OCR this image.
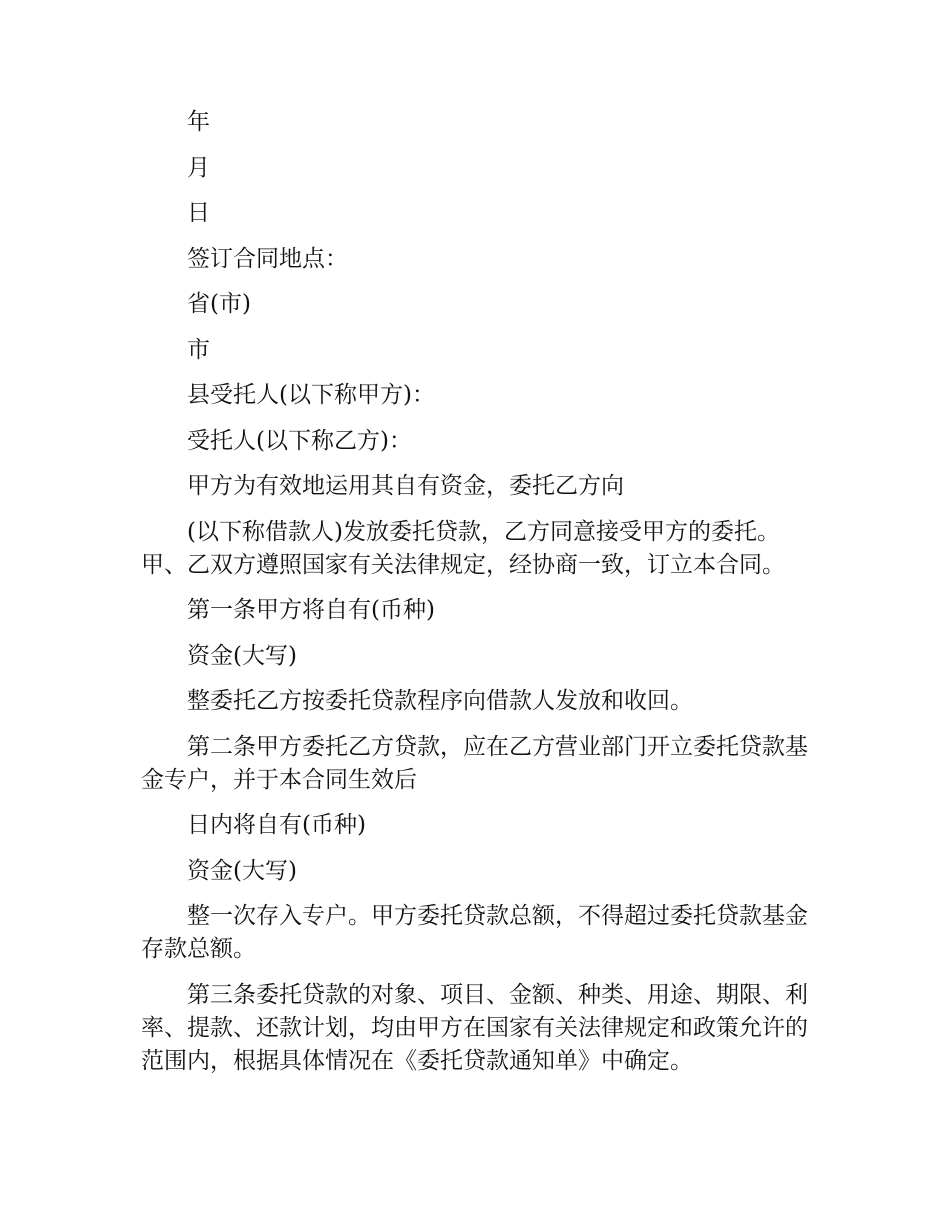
年

月

日

签订合同地点：

省(市)

市

县受托人(以下称甲方)：

受托人(以下称乙方)：

甲方为有效地运用其自有资金，委托乙方向

(以下称借款人)发放委托贷款，乙方同意接受甲方的委托。甲、乙双方遵照国家有关法律规定，经协商一致，订立本合同。

第一条甲方将自有(币种)

资金(大写)

整委托乙方按委托贷款程序向借款人发放和收回。

第二条甲方委托乙方贷款，应在乙方营业部门开立委托贷款基金专户，并于本合同生效后

日内将自有(币种)

资金(大写)

整一次存入专户。甲方委托贷款总额，不得超过委托贷款基金存款总额。

第三条委托贷款的对象、项目、金额、种类、用途、期限、利率、提款、还款计划，均由甲方在国家有关法律规定和政策允许的范围内，根据具体情况在《委托贷款通知单》中确定。
